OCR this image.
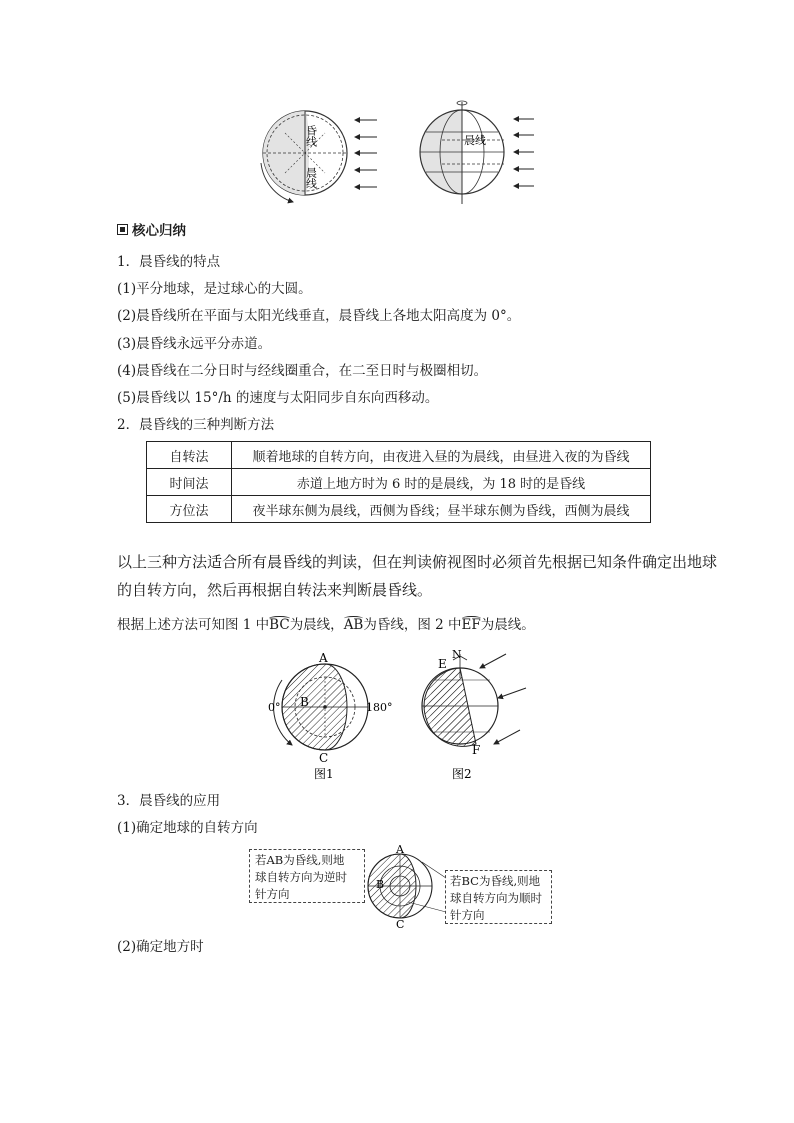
昏线
晨线
晨线
核心归纳
1．晨昏线的特点
(1)平分地球，是过球心的大圆。
(2)晨昏线所在平面与太阳光线垂直，晨昏线上各地太阳高度为 0°。
(3)晨昏线永远平分赤道。
(4)晨昏线在二分日时与经线圈重合，在二至日时与极圈相切。
(5)晨昏线以 15°/h 的速度与太阳同步自东向西移动。
2．晨昏线的三种判断方法
自转法	顺着地球的自转方向，由夜进入昼的为晨线，由昼进入夜的为昏线
时间法	赤道上地方时为 6 时的是晨线，为 18 时的是昏线
方位法	夜半球东侧为晨线，西侧为昏线；昼半球东侧为昏线，西侧为晨线
以上三种方法适合所有晨昏线的判读，但在判读俯视图时必须首先根据已知条件确定出地球
的自转方向，然后再根据自转法来判断晨昏线。
根据上述方法可知图 1 中BC为晨线，AB为昏线，图 2 中EF为晨线。
A
B
C
0°	180°
图1
N
E
F
图2
3．晨昏线的应用
(1)确定地球的自转方向
若AB为昏线,则地
球自转方向为逆时
针方向
A
B
C
若BC为昏线,则地
球自转方向为顺时
针方向
(2)确定地方时
